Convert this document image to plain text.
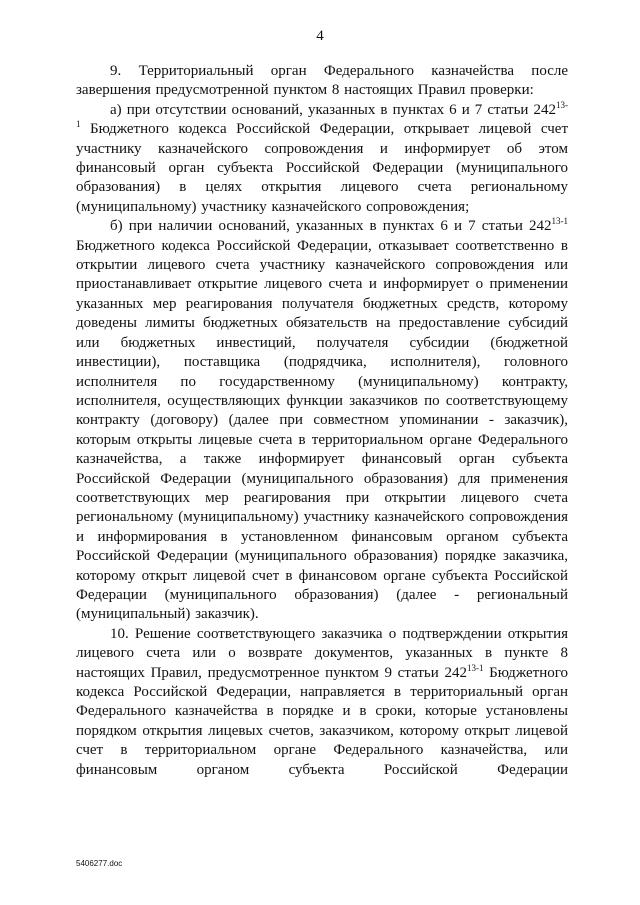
4

9. Территориальный орган Федерального казначейства после завершения предусмотренной пунктом 8 настоящих Правил проверки:

а) при отсутствии оснований, указанных в пунктах 6 и 7 статьи 242$^{13-1}$ Бюджетного кодекса Российской Федерации, открывает лицевой счет участнику казначейского сопровождения и информирует об этом финансовый орган субъекта Российской Федерации (муниципального образования) в целях открытия лицевого счета региональному (муниципальному) участнику казначейского сопровождения;

б) при наличии оснований, указанных в пунктах 6 и 7 статьи 242$^{13-1}$ Бюджетного кодекса Российской Федерации, отказывает соответственно в открытии лицевого счета участнику казначейского сопровождения или приостанавливает открытие лицевого счета и информирует о применении указанных мер реагирования получателя бюджетных средств, которому доведены лимиты бюджетных обязательств на предоставление субсидий или бюджетных инвестиций, получателя субсидии (бюджетной инвестиции), поставщика (подрядчика, исполнителя), головного исполнителя по государственному (муниципальному) контракту, исполнителя, осуществляющих функции заказчиков по соответствующему контракту (договору) (далее при совместном упоминании - заказчик), которым открыты лицевые счета в территориальном органе Федерального казначейства, а также информирует финансовый орган субъекта Российской Федерации (муниципального образования) для применения соответствующих мер реагирования при открытии лицевого счета региональному (муниципальному) участнику казначейского сопровождения и информирования в установленном финансовым органом субъекта Российской Федерации (муниципального образования) порядке заказчика, которому открыт лицевой счет в финансовом органе субъекта Российской Федерации (муниципального образования) (далее - региональный (муниципальный) заказчик).

10. Решение соответствующего заказчика о подтверждении открытия лицевого счета или о возврате документов, указанных в пункте 8 настоящих Правил, предусмотренное пунктом 9 статьи 242$^{13-1}$ Бюджетного кодекса Российской Федерации, направляется в территориальный орган Федерального казначейства в порядке и в сроки, которые установлены порядком открытия лицевых счетов, заказчиком, которому открыт лицевой счет в территориальном органе Федерального казначейства, или финансовым органом субъекта Российской Федерации

5406277.doc
